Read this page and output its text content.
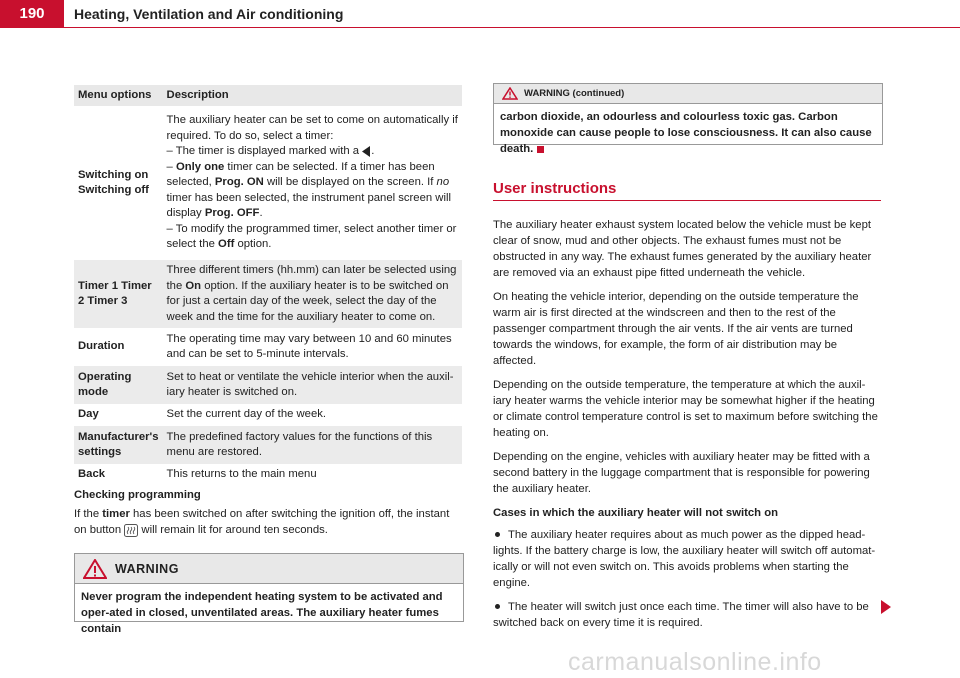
190	Heating, Ventilation and Air conditioning
Menu options	Description
Switching on Switching off	The auxiliary heater can be set to come on automatically if required. To do so, select a timer:
– The timer is displayed marked with a .
– Only one timer can be selected. If a timer has been selected, Prog. ON will be displayed on the screen. If no timer has been selected, the instrument panel screen will display Prog. OFF.
– To modify the programmed timer, select another timer or select the Off option.

Timer 1 Timer 2 Timer 3	Three different timers (hh.mm) can later be selected using the On option. If the auxiliary heater is to be switched on for just a certain day of the week, select the day of the week and the time for the auxiliary heater to come on.
Duration	The operating time may vary between 10 and 60 minutes and can be set to 5-minute intervals.
Operating mode	Set to heat or ventilate the vehicle interior when the auxil-iary heater is switched on.
Day	Set the current day of the week.
Manufacturer's settings	The predefined factory values for the functions of this menu are restored.
Back	This returns to the main menu
Checking programming
If the timer has been switched on after switching the ignition off, the instant on button  will remain lit for around ten seconds.
WARNING
Never program the independent heating system to be activated and oper-ated in closed, unventilated areas. The auxiliary heater fumes contain
WARNING (continued)
carbon dioxide, an odourless and colourless toxic gas. Carbon monoxide can cause people to lose consciousness. It can also cause death.
User instructions

The auxiliary heater exhaust system located below the vehicle must be kept clear of snow, mud and other objects. The exhaust fumes must not be obstructed in any way. The exhaust fumes generated by the auxiliary heater are removed via an exhaust pipe fitted underneath the vehicle.

On heating the vehicle interior, depending on the outside temperature the warm air is first directed at the windscreen and then to the rest of the passenger compartment through the air vents. If the air vents are turned towards the windows, for example, the form of air distribution may be affected.

Depending on the outside temperature, the temperature at which the auxil-iary heater warms the vehicle interior may be somewhat higher if the heating or climate control temperature control is set to maximum before switching the heating on.

Depending on the engine, vehicles with auxiliary heater may be fitted with a second battery in the luggage compartment that is responsible for powering the auxiliary heater.

Cases in which the auxiliary heater will not switch on

The auxiliary heater requires about as much power as the dipped head-lights. If the battery charge is low, the auxiliary heater will switch off automat-ically or will not even switch on. This avoids problems when starting the engine.

The heater will switch just once each time. The timer will also have to be switched back on every time it is required.

carmanualsonline.info
